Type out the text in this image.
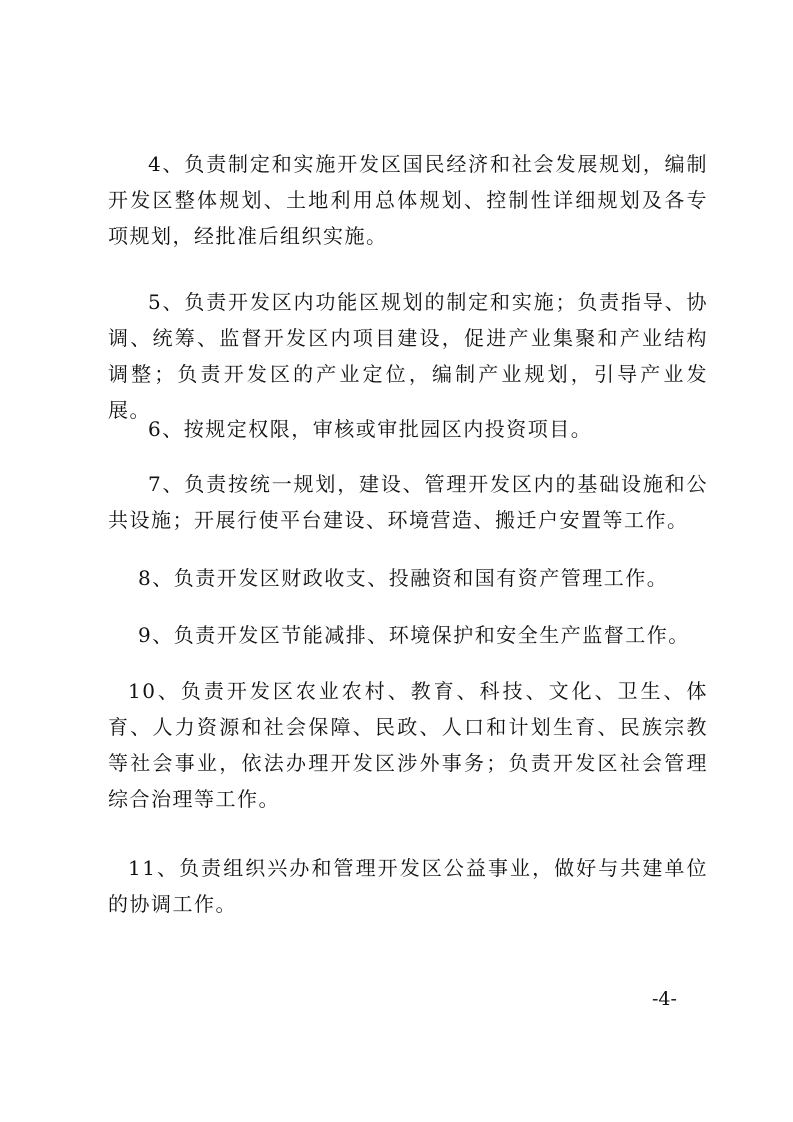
4、负责制定和实施开发区国民经济和社会发展规划，编制开发区整体规划、土地利用总体规划、控制性详细规划及各专项规划，经批准后组织实施。

5、负责开发区内功能区规划的制定和实施；负责指导、协调、统筹、监督开发区内项目建设，促进产业集聚和产业结构调整；负责开发区的产业定位，编制产业规划，引导产业发展。

6、按规定权限，审核或审批园区内投资项目。

7、负责按统一规划，建设、管理开发区内的基础设施和公共设施；开展行使平台建设、环境营造、搬迁户安置等工作。

8、负责开发区财政收支、投融资和国有资产管理工作。

9、负责开发区节能减排、环境保护和安全生产监督工作。

10、负责开发区农业农村、教育、科技、文化、卫生、体育、人力资源和社会保障、民政、人口和计划生育、民族宗教等社会事业，依法办理开发区涉外事务；负责开发区社会管理综合治理等工作。

11、负责组织兴办和管理开发区公益事业，做好与共建单位的协调工作。

-4-
